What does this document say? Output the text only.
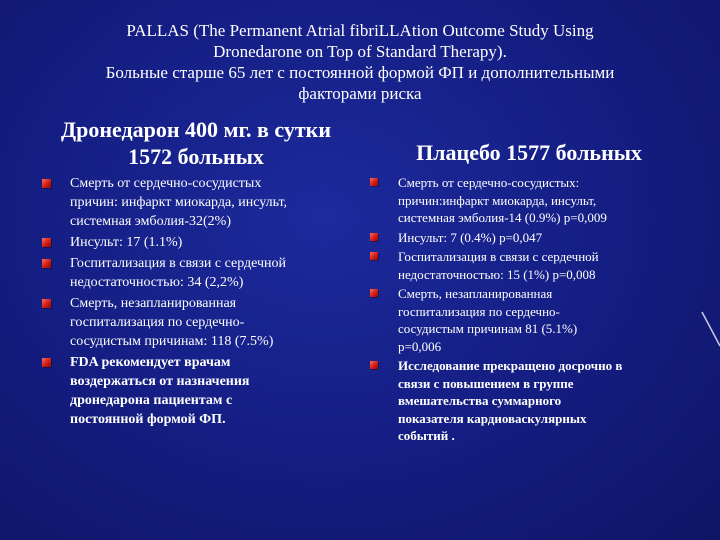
PALLAS (The Permanent Atrial fibriLLAtion Outcome Study Using
Dronedarone on Top of Standard Therapy).
Больные старше 65 лет с постоянной формой ФП и дополнительными
факторами риска
Дронедарон 400 мг. в сутки
1572 больных	Плацебо 1577 больных
Смерть от сердечно-сосудистых
причин: инфаркт миокарда, инсульт,
системная эмболия-32(2%)
Инсульт: 17 (1.1%)
Госпитализация в связи с сердечной
недостаточностью: 34 (2,2%)
Смерть, незапланированная
госпитализация по сердечно-
сосудистым причинам: 118 (7.5%)
FDA рекомендует врачам
воздержаться от назначения
дронедарона пациентам с
постоянной формой ФП.
Смерть от сердечно-сосудистых:
причин:инфаркт миокарда, инсульт,
системная эмболия-14 (0.9%) p=0,009
Инсульт: 7 (0.4%) p=0,047
Госпитализация в связи с сердечной
недостаточностью: 15 (1%) p=0,008
Смерть, незапланированная
госпитализация по сердечно-
сосудистым причинам 81 (5.1%)
p=0,006
Исследование прекращено досрочно в
связи с повышением в группе
вмешательства суммарного
показателя кардиоваскулярных
событий .
